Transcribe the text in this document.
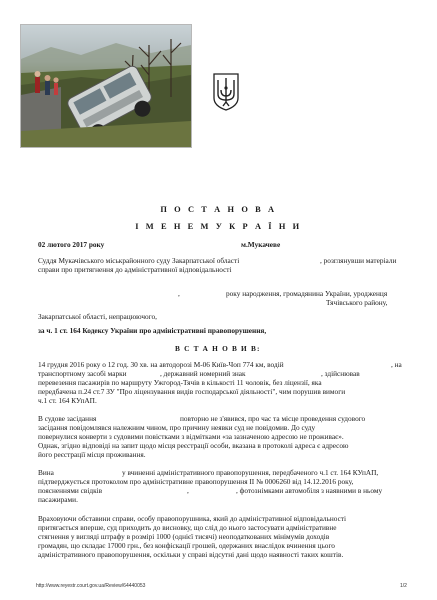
П О С Т А Н О В А
І М Е Н Е М У К Р А Ї Н И
02 лютого 2017 року	м.Мукачеве
Суддя Мукачівського міськрайонного суду Закарпатської області	, розглянувши матеріали
справи про притягнення до адміністративної відповідальності
,	року народження, громадянина України, уродженця
Тячівського району,
Закарпатської області, непрацюючого,
за ч. 1 ст. 164 Кодексу України про адміністративні правопорушення,
В С Т А Н О В И В:
14 грудня 2016 року о 12 год. 30 хв. на автодорозі М-06 Київ-Чоп 774 км, водій	, на
транспортному засобі марки	, державний номерний знак	, здійснював
перевезення пасажирів по маршруту Ужгород-Тячів в кількості 11 чоловік, без ліцензії, яка
передбачена п.24 ст.7 ЗУ "Про ліцензування видів господарської діяльності", чим порушив вимоги
ч.1 ст. 164 КУпАП.
В судове засідання	повторно не з'явився, про час та місце проведення судового
засідання повідомлявся належним чином, про причину неявки суд не повідомив. До суду
повернулися конверти з судовими повістками з відмітками «за зазначеною адресою не проживає».
Однак, згідно відповіді на запит щодо місця реєстрації особи, вказана в протоколі адреса є адресою
його реєстрації місця проживання.
Вина	у вчиненні адміністративного правопорушення, передбаченого ч.1 ст. 164 КУпАП,
підтверджується протоколом про адміністративне правопорушення ІІ № 0006260 від 14.12.2016 року,
поясненнями свідків	,	, фотознімками автомобіля з наявними в ньому
пасажирами.
Враховуючи обставини справи, особу правопорушника, який до адміністративної відповідальності
притягається вперше, суд приходить до висновку, що слід до нього застосувати адміністративне
стягнення у вигляді штрафу в розмірі 1000 (однієї тисячі) неоподаткованих мінімумів доходів
громадян, що складає 17000 грн., без конфіскації грошей, одержаних внаслідок вчинення цього
адміністративного правопорушення, оскільки у справі відсутні дані щодо наявності таких коштів.
http://www.reyestr.court.gov.ua/Review/64440053	1/2
